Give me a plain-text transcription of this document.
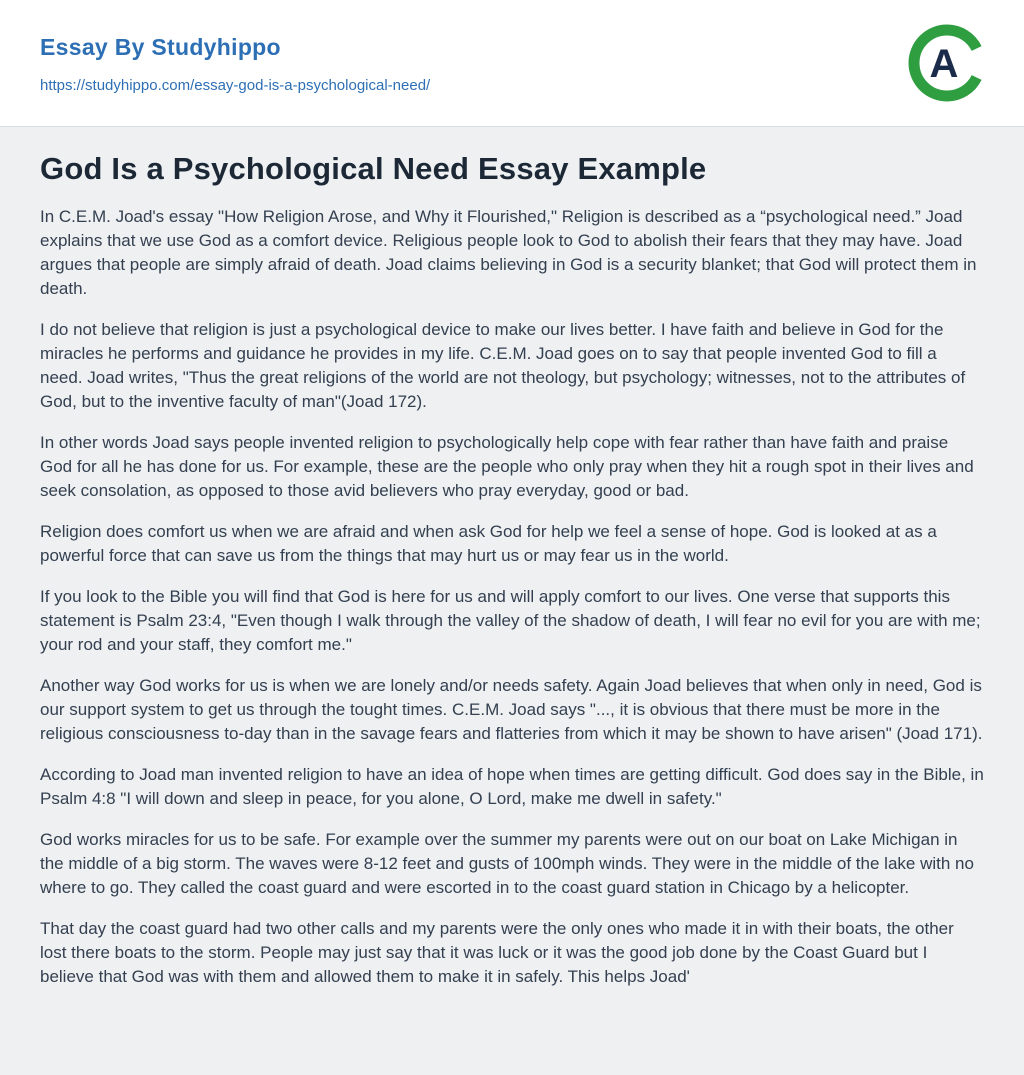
Essay By Studyhippo
https://studyhippo.com/essay-god-is-a-psychological-need/	A
God Is a Psychological Need Essay Example

In C.E.M. Joad's essay "How Religion Arose, and Why it Flourished," Religion is described as a “psychological need.” Joad explains that we use God as a comfort device. Religious people look to God to abolish their fears that they may have. Joad argues that people are simply afraid of death. Joad claims believing in God is a security blanket; that God will protect them in death.

I do not believe that religion is just a psychological device to make our lives better. I have faith and believe in God for the miracles he performs and guidance he provides in my life. C.E.M. Joad goes on to say that people invented God to fill a need. Joad writes, "Thus the great religions of the world are not theology, but psychology; witnesses, not to the attributes of God, but to the inventive faculty of man"(Joad 172).

In other words Joad says people invented religion to psychologically help cope with fear rather than have faith and praise God for all he has done for us. For example, these are the people who only pray when they hit a rough spot in their lives and seek consolation, as opposed to those avid believers who pray everyday, good or bad.

Religion does comfort us when we are afraid and when ask God for help we feel a sense of hope. God is looked at as a powerful force that can save us from the things that may hurt us or may fear us in the world.

If you look to the Bible you will find that God is here for us and will apply comfort to our lives. One verse that supports this statement is Psalm 23:4, "Even though I walk through the valley of the shadow of death, I will fear no evil for you are with me; your rod and your staff, they comfort me."

Another way God works for us is when we are lonely and/or needs safety. Again Joad believes that when only in need, God is our support system to get us through the tought times. C.E.M. Joad says "..., it is obvious that there must be more in the religious consciousness to-day than in the savage fears and flatteries from which it may be shown to have arisen" (Joad 171).

According to Joad man invented religion to have an idea of hope when times are getting difficult. God does say in the Bible, in Psalm 4:8 "I will down and sleep in peace, for you alone, O Lord, make me dwell in safety."

God works miracles for us to be safe. For example over the summer my parents were out on our boat on Lake Michigan in the middle of a big storm. The waves were 8-12 feet and gusts of 100mph winds. They were in the middle of the lake with no where to go. They called the coast guard and were escorted in to the coast guard station in Chicago by a helicopter.

That day the coast guard had two other calls and my parents were the only ones who made it in with their boats, the other lost there boats to the storm. People may just say that it was luck or it was the good job done by the Coast Guard but I believe that God was with them and allowed them to make it in safely. This helps Joad'
